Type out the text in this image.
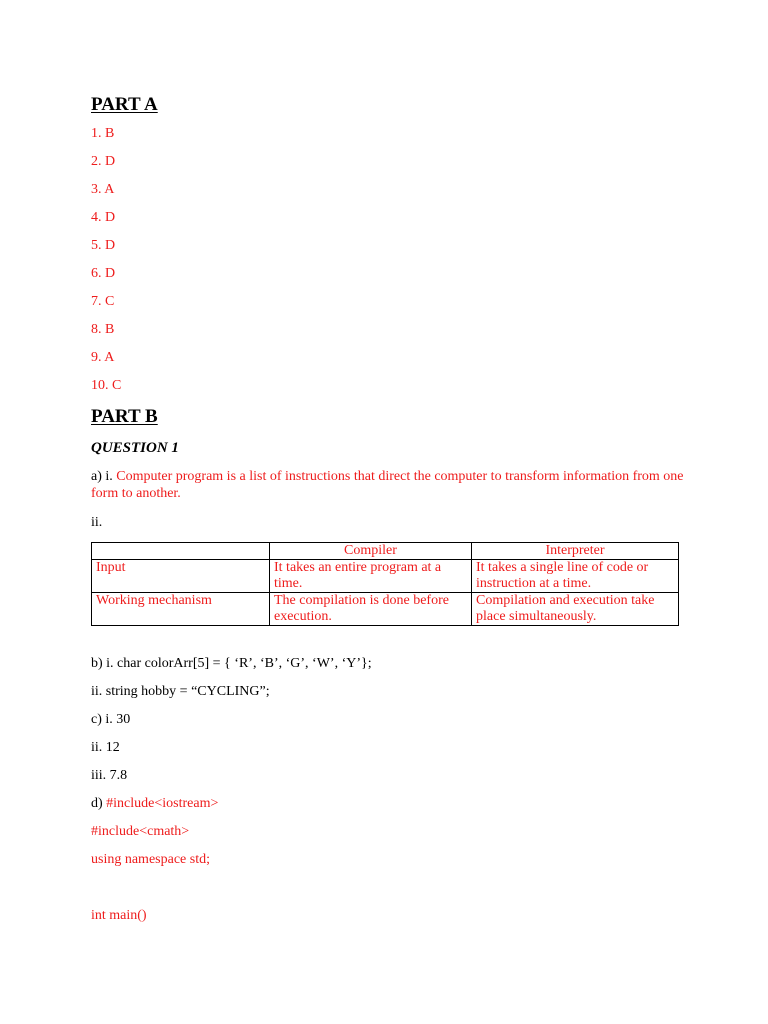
PART A
1. B
2. D
3. A
4. D
5. D
6. D
7. C
8. B
9. A
10. C
PART B
QUESTION 1
a) i. Computer program is a list of instructions that direct the computer to transform information from one form to another.
ii.
	Compiler	Interpreter
Input	It takes an entire program at a time.	It takes a single line of code or instruction at a time.
Working mechanism	The compilation is done before execution.	Compilation and execution take place simultaneously.
b) i. char colorArr[5] = { ‘R’, ‘B’, ‘G’, ‘W’, ‘Y’};
ii. string hobby = “CYCLING”;
c) i. 30
ii. 12
iii. 7.8
d) #include<iostream>
#include<cmath>
using namespace std;
int main()
